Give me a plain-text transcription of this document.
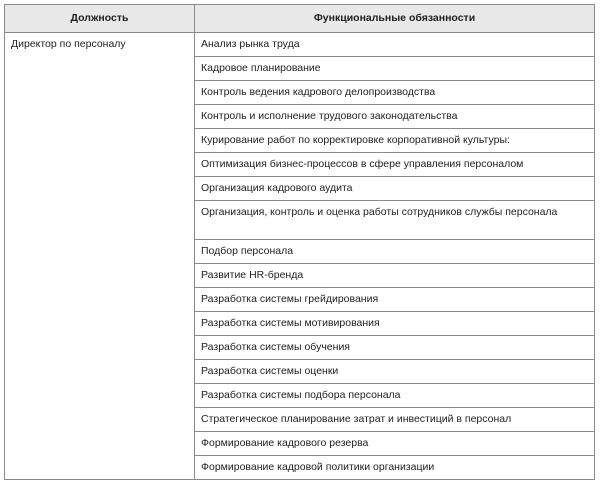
Должность	Функциональные обязанности
Директор по персоналу	Анализ рынка труда
	Кадровое планирование
	Контроль ведения кадрового делопроизводства
	Контроль и исполнение трудового законодательства
	Курирование работ по корректировке корпоративной культуры:
	Оптимизация бизнес-процессов в сфере управления персоналом
	Организация кадрового аудита
	Организация, контроль и оценка работы сотрудников службы персонала
	Подбор персонала
	Развитие HR-бренда
	Разработка системы грейдирования
	Разработка системы мотивирования
	Разработка системы обучения
	Разработка системы оценки
	Разработка системы подбора персонала
	Стратегическое планирование затрат и инвестиций в персонал
	Формирование кадрового резерва
	Формирование кадровой политики организации
